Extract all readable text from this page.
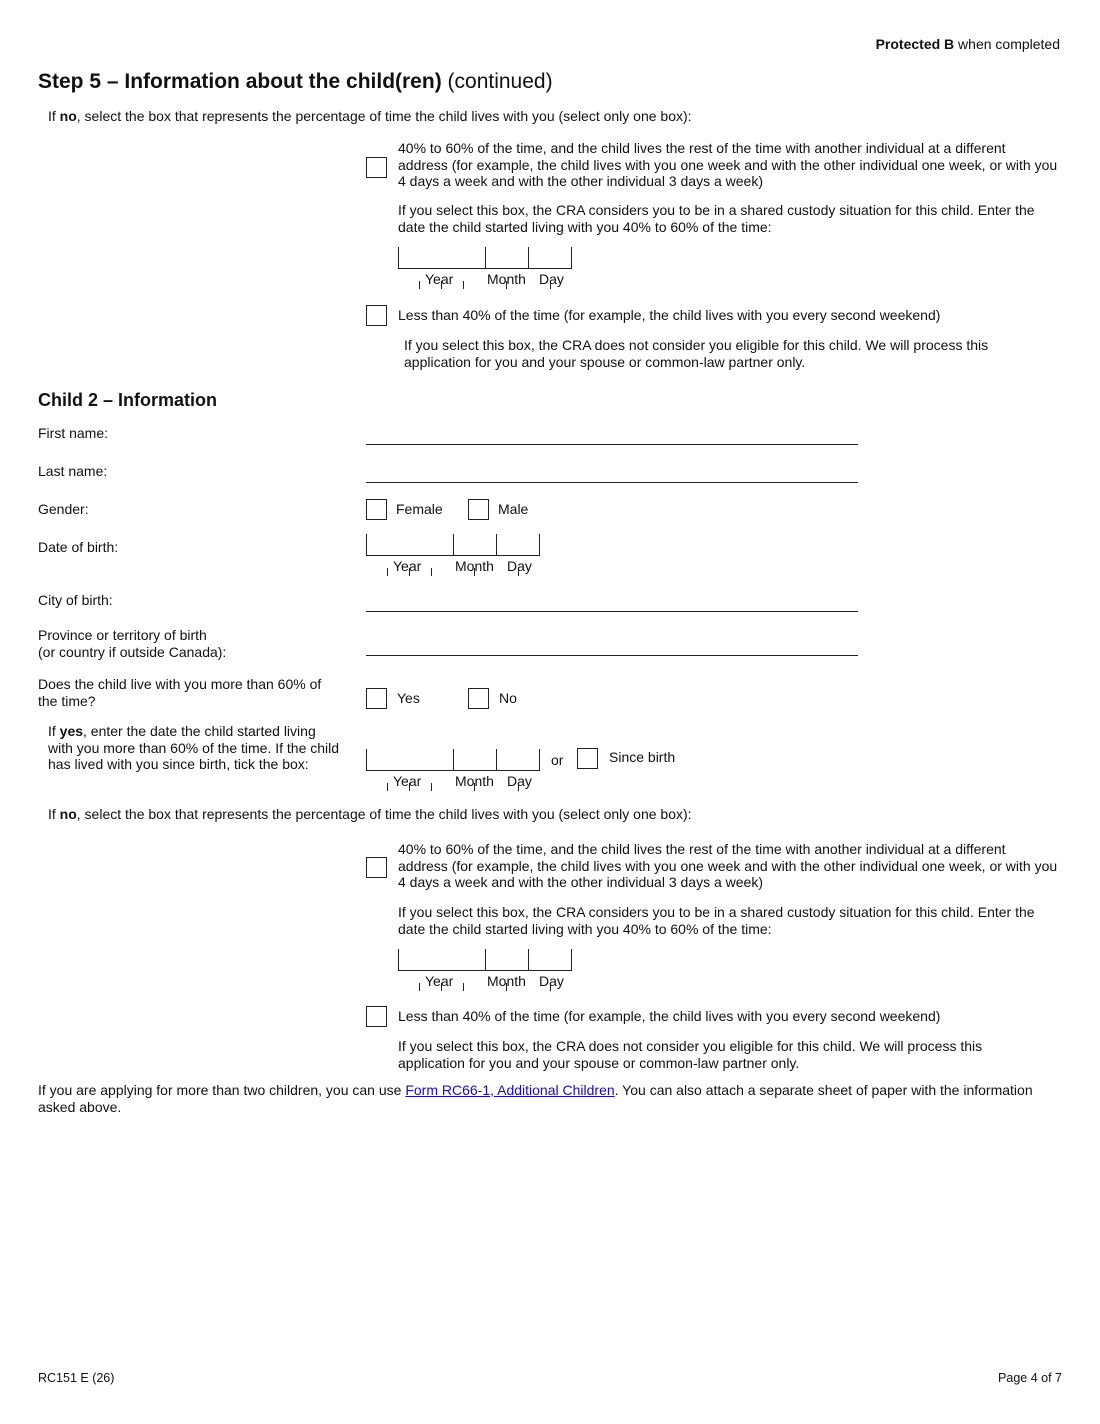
Protected B when completed
Step 5 – Information about the child(ren) (continued)
If no, select the box that represents the percentage of time the child lives with you (select only one box):
40% to 60% of the time, and the child lives the rest of the time with another individual at a different address (for example, the child lives with you one week and with the other individual one week, or with you 4 days a week and with the other individual 3 days a week)
If you select this box, the CRA considers you to be in a shared custody situation for this child. Enter the date the child started living with you 40% to 60% of the time:
Year Month Day
Less than 40% of the time (for example, the child lives with you every second weekend)
If you select this box, the CRA does not consider you eligible for this child. We will process this application for you and your spouse or common-law partner only.
Child 2 – Information
First name:
Last name:
Gender:	Female	Male
Date of birth:
Year Month Day
City of birth:
Province or territory of birth
(or country if outside Canada):
Does the child live with you more than 60% of
the time?	Yes	No
If yes, enter the date the child started living
with you more than 60% of the time. If the child
has lived with you since birth, tick the box:
Year Month Day
or	Since birth
If no, select the box that represents the percentage of time the child lives with you (select only one box):
40% to 60% of the time, and the child lives the rest of the time with another individual at a different address (for example, the child lives with you one week and with the other individual one week, or with you 4 days a week and with the other individual 3 days a week)
If you select this box, the CRA considers you to be in a shared custody situation for this child. Enter the date the child started living with you 40% to 60% of the time:
Year Month Day
Less than 40% of the time (for example, the child lives with you every second weekend)
If you select this box, the CRA does not consider you eligible for this child. We will process this application for you and your spouse or common-law partner only.
If you are applying for more than two children, you can use Form RC66-1, Additional Children. You can also attach a separate sheet of paper with the information asked above.
RC151 E (26)	Page 4 of 7
